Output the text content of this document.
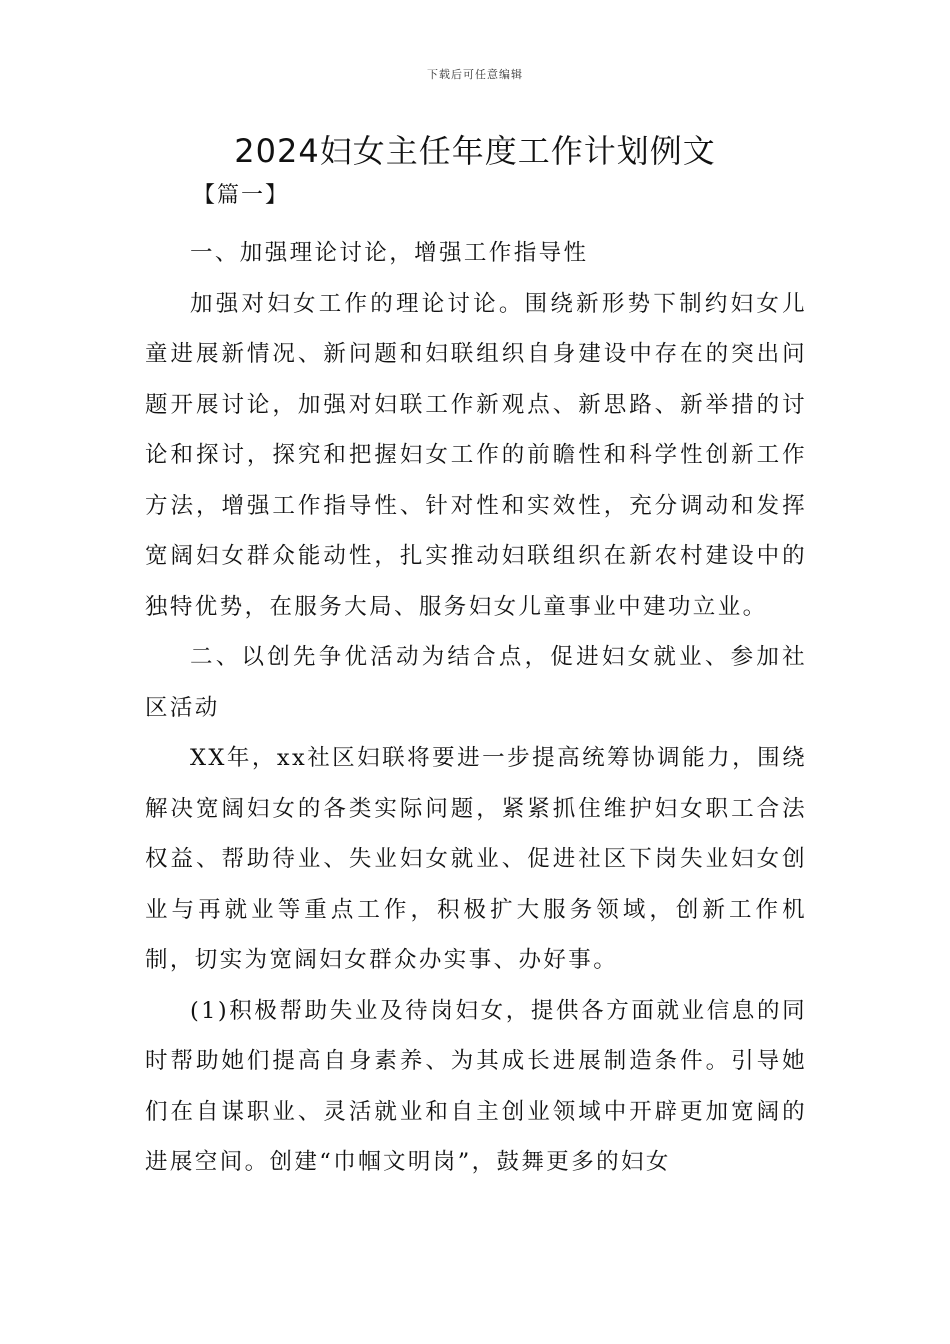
下载后可任意编辑
2024妇女主任年度工作计划例文
【篇一】

一、加强理论讨论，增强工作指导性

加强对妇女工作的理论讨论。围绕新形势下制约妇女儿童进展新情况、新问题和妇联组织自身建设中存在的突出问题开展讨论，加强对妇联工作新观点、新思路、新举措的讨论和探讨，探究和把握妇女工作的前瞻性和科学性创新工作方法，增强工作指导性、针对性和实效性，充分调动和发挥宽阔妇女群众能动性，扎实推动妇联组织在新农村建设中的独特优势，在服务大局、服务妇女儿童事业中建功立业。

二、以创先争优活动为结合点，促进妇女就业、参加社区活动

XX年，xx社区妇联将要进一步提高统筹协调能力，围绕解决宽阔妇女的各类实际问题，紧紧抓住维护妇女职工合法权益、帮助待业、失业妇女就业、促进社区下岗失业妇女创业与再就业等重点工作，积极扩大服务领域，创新工作机制，切实为宽阔妇女群众办实事、办好事。

(1)积极帮助失业及待岗妇女，提供各方面就业信息的同时帮助她们提高自身素养、为其成长进展制造条件。引导她们在自谋职业、灵活就业和自主创业领域中开辟更加宽阔的进展空间。创建“巾帼文明岗”，鼓舞更多的妇女
